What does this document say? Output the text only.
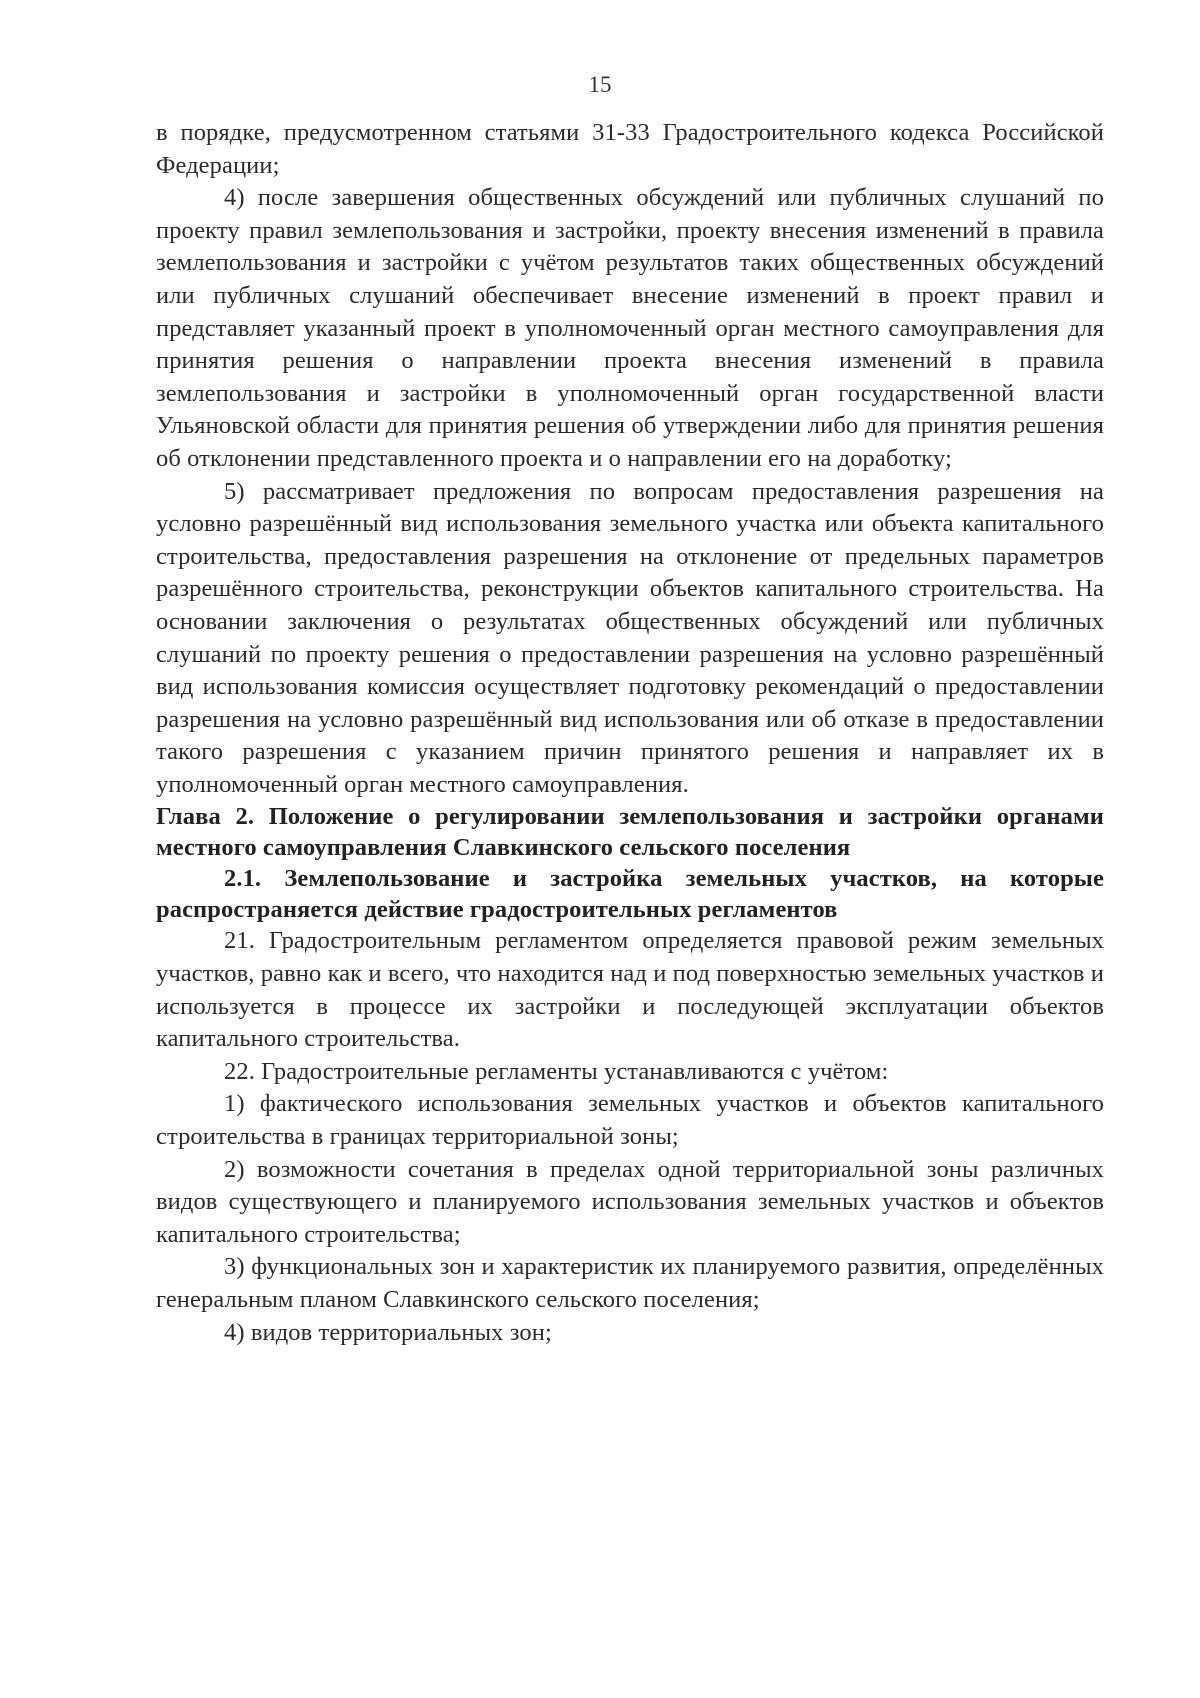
15

в порядке, предусмотренном статьями 31-33 Градостроительного кодекса Российской Федерации;

4) после завершения общественных обсуждений или публичных слушаний по проекту правил землепользования и застройки, проекту внесения изменений в правила землепользования и застройки с учётом результатов таких общественных обсуждений или публичных слушаний обеспечивает внесение изменений в проект правил и представляет указанный проект в уполномоченный орган местного самоуправления для принятия решения о направлении проекта внесения изменений в правила землепользования и застройки в уполномоченный орган государственной власти Ульяновской области для принятия решения об утверждении либо для принятия решения об отклонении представленного проекта и о направлении его на доработку;

5) рассматривает предложения по вопросам предоставления разрешения на условно разрешённый вид использования земельного участка или объекта капитального строительства, предоставления разрешения на отклонение от предельных параметров разрешённого строительства, реконструкции объектов капитального строительства. На основании заключения о результатах общественных обсуждений или публичных слушаний по проекту решения о предоставлении разрешения на условно разрешённый вид использования комиссия осуществляет подготовку рекомендаций о предоставлении разрешения на условно разрешённый вид использования или об отказе в предоставлении такого разрешения с указанием причин принятого решения и направляет их в уполномоченный орган местного самоуправления.

Глава 2. Положение о регулировании землепользования и застройки органами местного самоуправления Славкинского сельского поселения

2.1. Землепользование и застройка земельных участков, на которые распространяется действие градостроительных регламентов

21. Градостроительным регламентом определяется правовой режим земельных участков, равно как и всего, что находится над и под поверхностью земельных участков и используется в процессе их застройки и последующей эксплуатации объектов капитального строительства.

22. Градостроительные регламенты устанавливаются с учётом:

1) фактического использования земельных участков и объектов капитального строительства в границах территориальной зоны;

2) возможности сочетания в пределах одной территориальной зоны различных видов существующего и планируемого использования земельных участков и объектов капитального строительства;

3) функциональных зон и характеристик их планируемого развития, определённых генеральным планом Славкинского сельского поселения;

4) видов территориальных зон;
